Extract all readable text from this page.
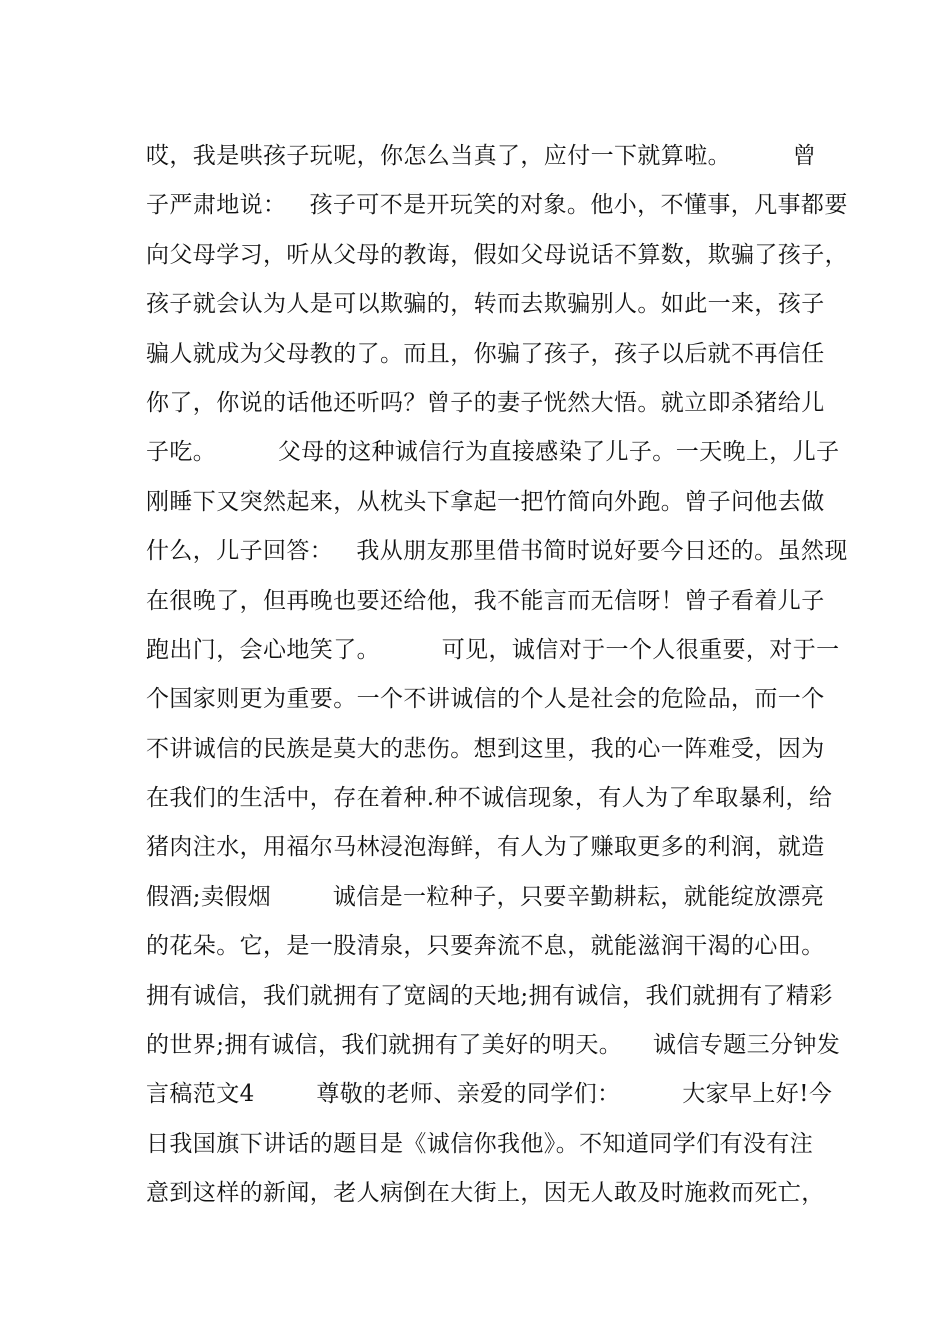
哎，我是哄孩子玩呢，你怎么当真了，应付一下就算啦。        曾
子严肃地说：   孩子可不是开玩笑的对象。他小，不懂事，凡事都要
向父母学习，听从父母的教诲，假如父母说话不算数，欺骗了孩子，
孩子就会认为人是可以欺骗的，转而去欺骗别人。如此一来，孩子
骗人就成为父母教的了。而且，你骗了孩子，孩子以后就不再信任
你了，你说的话他还听吗？曾子的妻子恍然大悟。就立即杀猪给儿
子吃。        父母的这种诚信行为直接感染了儿子。一天晚上，儿子
刚睡下又突然起来，从枕头下拿起一把竹简向外跑。曾子问他去做
什么，儿子回答：   我从朋友那里借书简时说好要今日还的。虽然现
在很晚了，但再晚也要还给他，我不能言而无信呀！曾子看着儿子
跑出门，会心地笑了。        可见，诚信对于一个人很重要，对于一
个国家则更为重要。一个不讲诚信的个人是社会的危险品，而一个
不讲诚信的民族是莫大的悲伤。想到这里，我的心一阵难受，因为
在我们的生活中，存在着种.种不诚信现象，有人为了牟取暴利，给
猪肉注水，用福尔马林浸泡海鲜，有人为了赚取更多的利润，就造
假酒;卖假烟        诚信是一粒种子，只要辛勤耕耘，就能绽放漂亮
的花朵。它，是一股清泉，只要奔流不息，就能滋润干渴的心田。
拥有诚信，我们就拥有了宽阔的天地;拥有诚信，我们就拥有了精彩
的世界;拥有诚信，我们就拥有了美好的明天。    诚信专题三分钟发
言稿范文4        尊敬的老师、亲爱的同学们：        大家早上好!今
日我国旗下讲话的题目是《诚信你我他》。不知道同学们有没有注
意到这样的新闻，老人病倒在大街上，因无人敢及时施救而死亡，
